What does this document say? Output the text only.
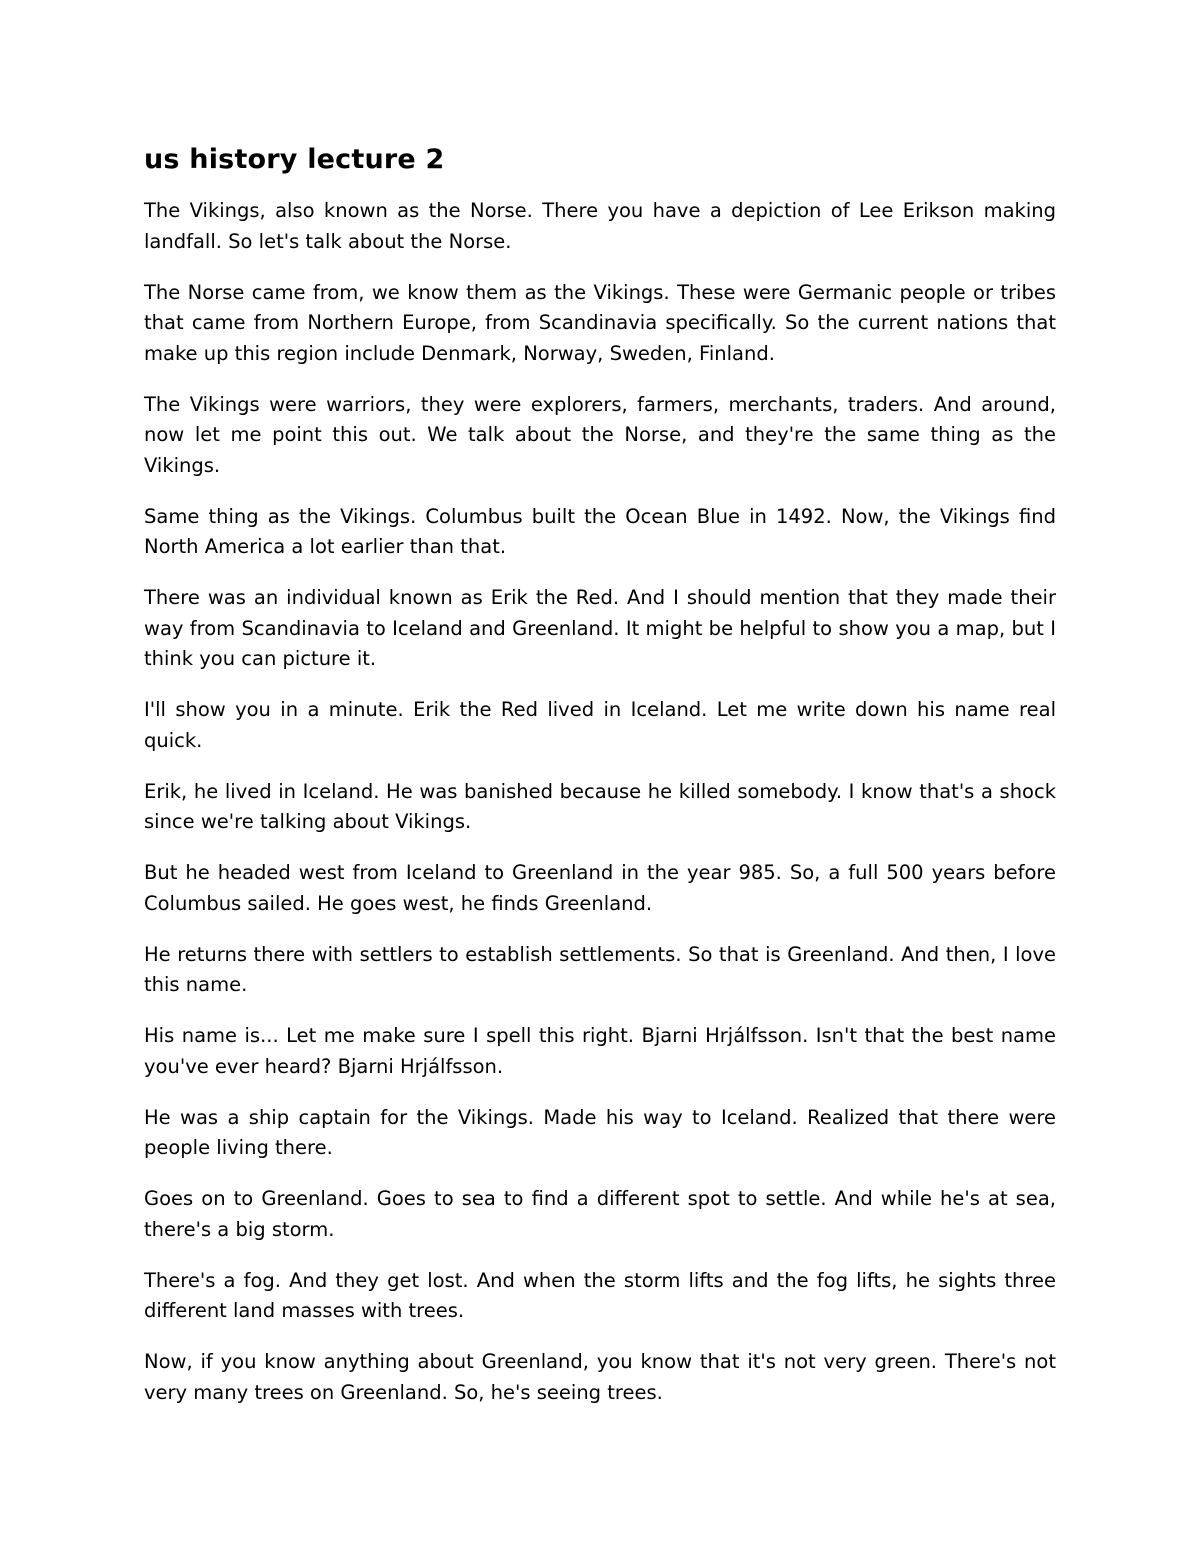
us history lecture 2

The Vikings, also known as the Norse. There you have a depiction of Lee Erikson making landfall. So let's talk about the Norse.

The Norse came from, we know them as the Vikings. These were Germanic people or tribes that came from Northern Europe, from Scandinavia specifically. So the current nations that make up this region include Denmark, Norway, Sweden, Finland.

The Vikings were warriors, they were explorers, farmers, merchants, traders. And around, now let me point this out. We talk about the Norse, and they're the same thing as the Vikings.

Same thing as the Vikings. Columbus built the Ocean Blue in 1492. Now, the Vikings find North America a lot earlier than that.

There was an individual known as Erik the Red. And I should mention that they made their way from Scandinavia to Iceland and Greenland. It might be helpful to show you a map, but I think you can picture it.

I'll show you in a minute. Erik the Red lived in Iceland. Let me write down his name real quick.

Erik, he lived in Iceland. He was banished because he killed somebody. I know that's a shock since we're talking about Vikings.

But he headed west from Iceland to Greenland in the year 985. So, a full 500 years before Columbus sailed. He goes west, he finds Greenland.

He returns there with settlers to establish settlements. So that is Greenland. And then, I love this name.

His name is... Let me make sure I spell this right. Bjarni Hrjálfsson. Isn't that the best name you've ever heard? Bjarni Hrjálfsson.

He was a ship captain for the Vikings. Made his way to Iceland. Realized that there were people living there.

Goes on to Greenland. Goes to sea to find a different spot to settle. And while he's at sea, there's a big storm.

There's a fog. And they get lost. And when the storm lifts and the fog lifts, he sights three different land masses with trees.

Now, if you know anything about Greenland, you know that it's not very green. There's not very many trees on Greenland. So, he's seeing trees.
